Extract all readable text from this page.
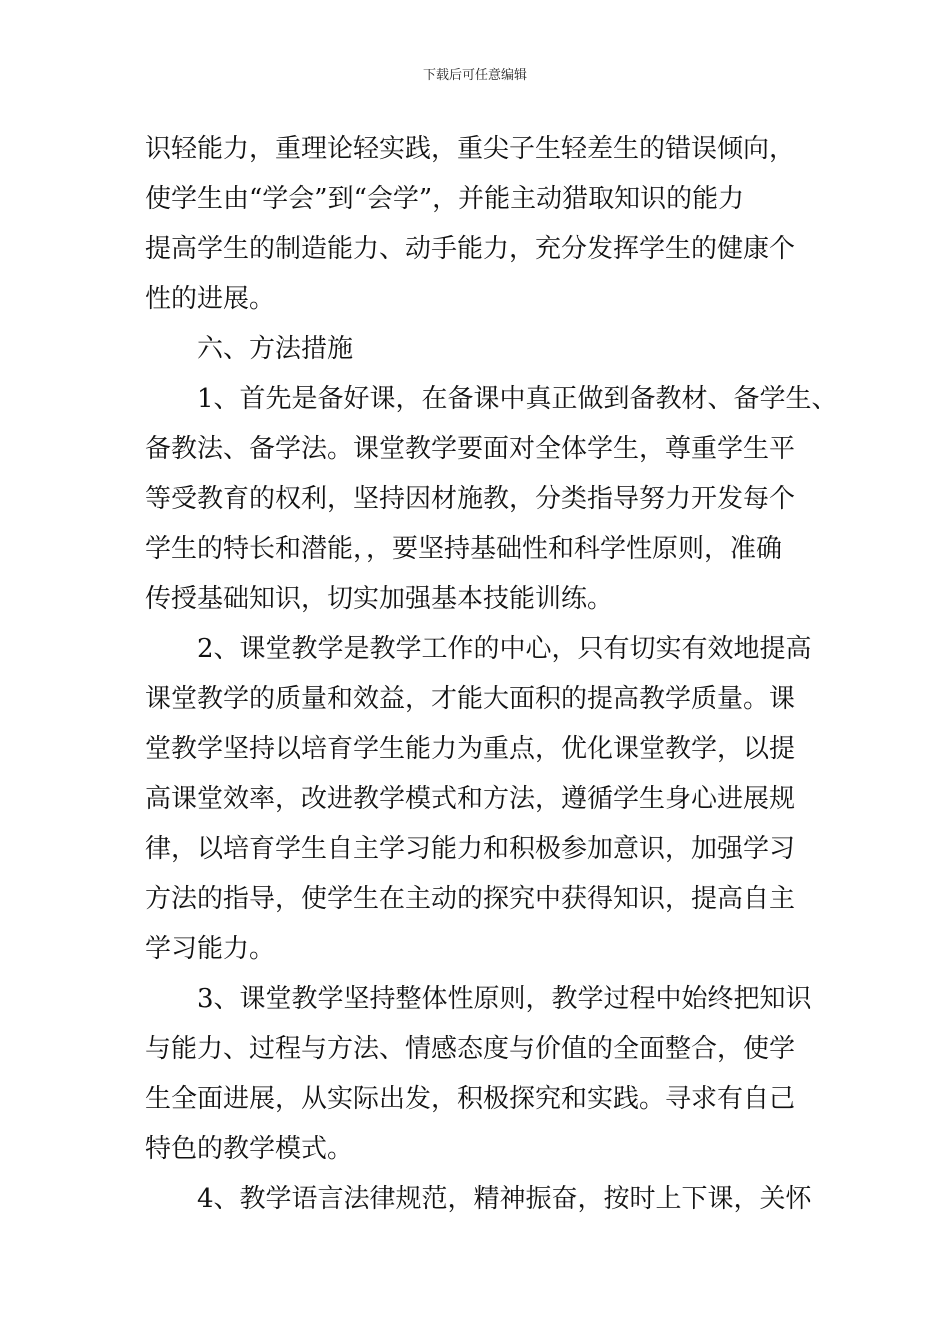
下载后可任意编辑
识轻能力，重理论轻实践，重尖子生轻差生的错误倾向，
使学生由“学会”到“会学”，并能主动猎取知识的能力
提高学生的制造能力、动手能力，充分发挥学生的健康个
性的进展。
六、方法措施
1、首先是备好课，在备课中真正做到备教材、备学生、
备教法、备学法。课堂教学要面对全体学生，尊重学生平
等受教育的权利，坚持因材施教，分类指导努力开发每个
学生的特长和潜能，，要坚持基础性和科学性原则，准确
传授基础知识，切实加强基本技能训练。
2、课堂教学是教学工作的中心，只有切实有效地提高
课堂教学的质量和效益，才能大面积的提高教学质量。课
堂教学坚持以培育学生能力为重点，优化课堂教学，以提
高课堂效率，改进教学模式和方法，遵循学生身心进展规
律，以培育学生自主学习能力和积极参加意识，加强学习
方法的指导，使学生在主动的探究中获得知识，提高自主
学习能力。
3、课堂教学坚持整体性原则，教学过程中始终把知识
与能力、过程与方法、情感态度与价值的全面整合，使学
生全面进展，从实际出发，积极探究和实践。寻求有自己
特色的教学模式。
4、教学语言法律规范，精神振奋，按时上下课，关怀
